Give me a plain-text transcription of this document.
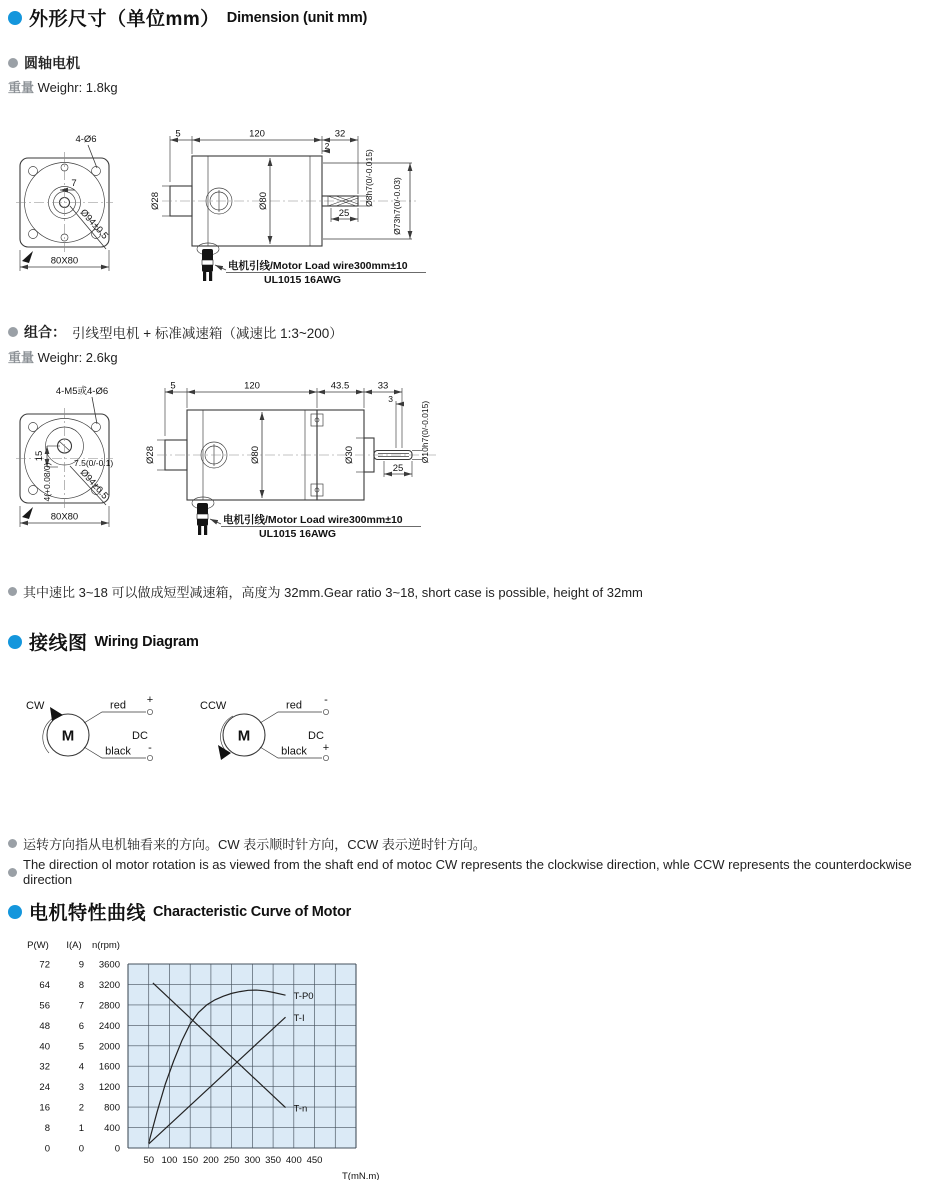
外形尺寸（单位mm） Dimension (unit mm)
圆轴电机
重量 Weighr: 1.8kg
7
4-Ø6
Ø94±0.5
80X80
120	32
5
2
Ø28	Ø80
25
Ø8h7(0/-0.015) Ø73h7(0/-0.03)
电机引线/Motor Load wire300mm±10
UL1015 16AWG
组合： 引线型电机 + 标准减速箱（减速比 1:3~200）
重量 Weighr: 2.6kg
4-M5或4-Ø6
15
7.5(0/-0.1)
4(+0.08/0)	Ø94±0.5
80X80
120	43.5	33
5
3
Ø28	Ø80	Ø30
25
Ø10h7(0/-0.015)
电机引线/Motor Load wire300mm±10
UL1015 16AWG
其中速比 3~18 可以做成短型减速箱，高度为 32mm.Gear ratio 3~18, short case is possible, height of 32mm
接线图 Wiring Diagram
CW
M
red +
black -
DC
CCW
M
red -
black +
DC
运转方向指从电机轴看来的方向。CW 表示顺时针方向，CCW 表示逆时针方向。
The direction ol motor rotation is as viewed from the shaft end of motoc CW represents the clockwise direction, whle CCW represents the counterdockwise direction
电机特性曲线 Characteristic Curve of Motor
P(W)
72
64
56
48
40
32
24
16
8
0
I(A)
9
8
7
6
5
4
3
2
1
0
n(rpm)
3600
3200
2800
2400
2000
1600
1200
800
400
0
50 100 150 200 250 300 350 400 450
T(mN.m)
T-P0
T-I
T-n
